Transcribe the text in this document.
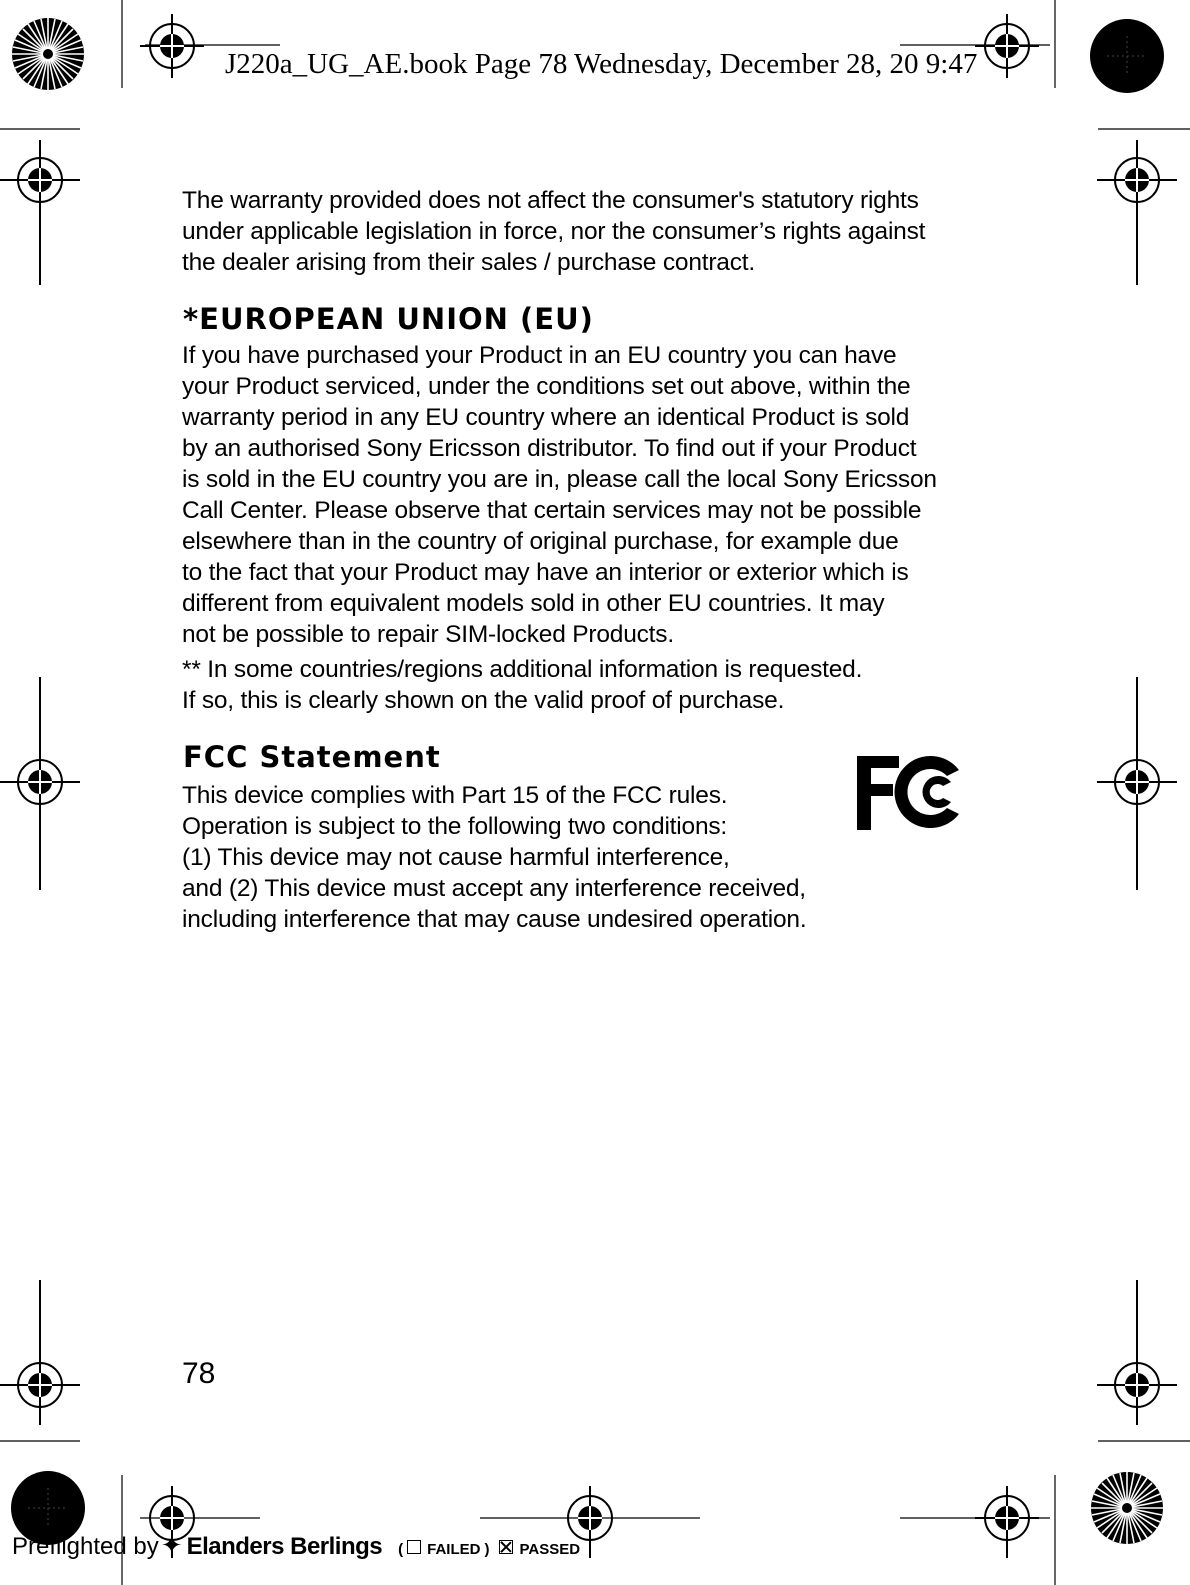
J220a_UG_AE.book Page 78 Wednesday, December 28, 20 9:47
The warranty provided does not affect the consumer's statutory rights
under applicable legislation in force, nor the consumer’s rights against
the dealer arising from their sales / purchase contract.
*EUROPEAN UNION (EU)
If you have purchased your Product in an EU country you can have
your Product serviced, under the conditions set out above, within the
warranty period in any EU country where an identical Product is sold
by an authorised Sony Ericsson distributor. To find out if your Product
is sold in the EU country you are in, please call the local Sony Ericsson
Call Center. Please observe that certain services may not be possible
elsewhere than in the country of original purchase, for example due
to the fact that your Product may have an interior or exterior which is
different from equivalent models sold in other EU countries. It may
not be possible to repair SIM-locked Products.
** In some countries/regions additional information is requested.
If so, this is clearly shown on the valid proof of purchase.
FCC Statement
This device complies with Part 15 of the FCC rules.
Operation is subject to the following two conditions:
(1) This device may not cause harmful interference,
and (2) This device must accept any interference received,
including interference that may cause undesired operation.
78
Preflighted by ✦ Elanders Berlings ( FAILED ) PASSED
